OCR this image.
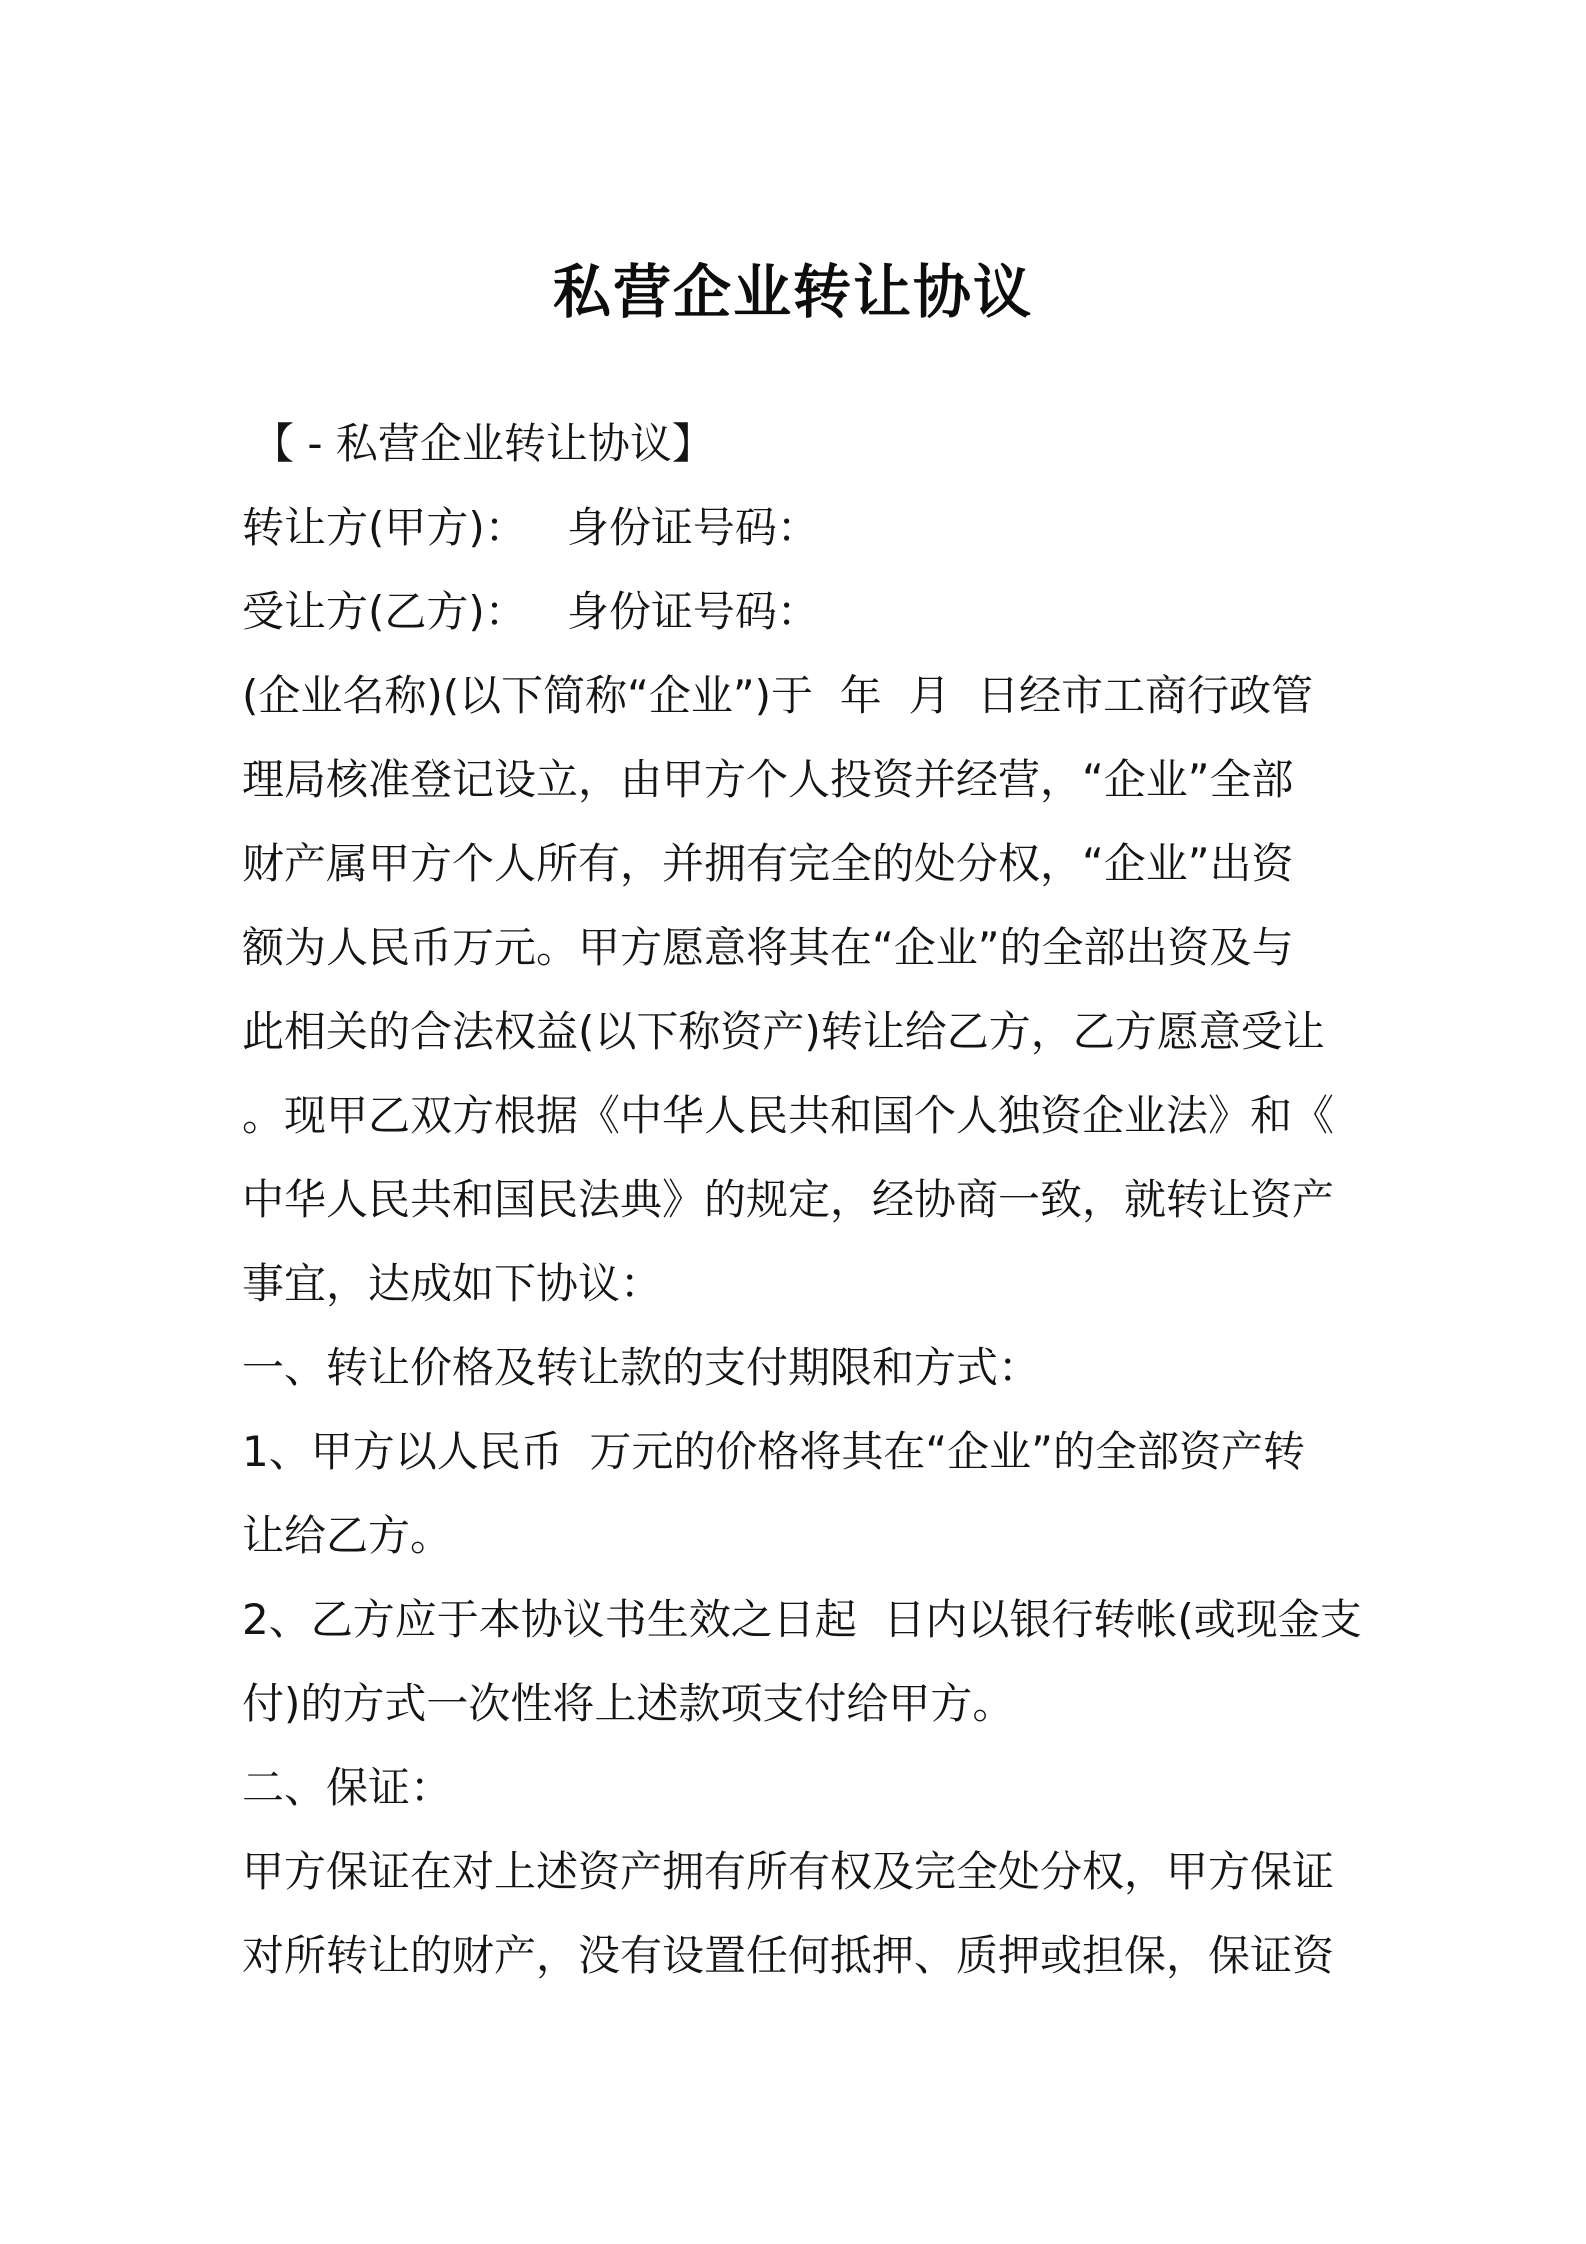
私营企业转让协议
【 - 私营企业转让协议】
转让方(甲方)：   身份证号码：
受让方(乙方)：   身份证号码：
(企业名称)(以下简称“企业”)于  年  月  日经市工商行政管
理局核准登记设立，由甲方个人投资并经营，“企业”全部
财产属甲方个人所有，并拥有完全的处分权，“企业”出资
额为人民币万元。甲方愿意将其在“企业”的全部出资及与
此相关的合法权益(以下称资产)转让给乙方，乙方愿意受让
。现甲乙双方根据《中华人民共和国个人独资企业法》和《
中华人民共和国民法典》的规定，经协商一致，就转让资产
事宜，达成如下协议：
一、转让价格及转让款的支付期限和方式：
1、甲方以人民币  万元的价格将其在“企业”的全部资产转
让给乙方。
2、乙方应于本协议书生效之日起  日内以银行转帐(或现金支
付)的方式一次性将上述款项支付给甲方。
二、保证：
甲方保证在对上述资产拥有所有权及完全处分权，甲方保证
对所转让的财产，没有设置任何抵押、质押或担保，保证资
